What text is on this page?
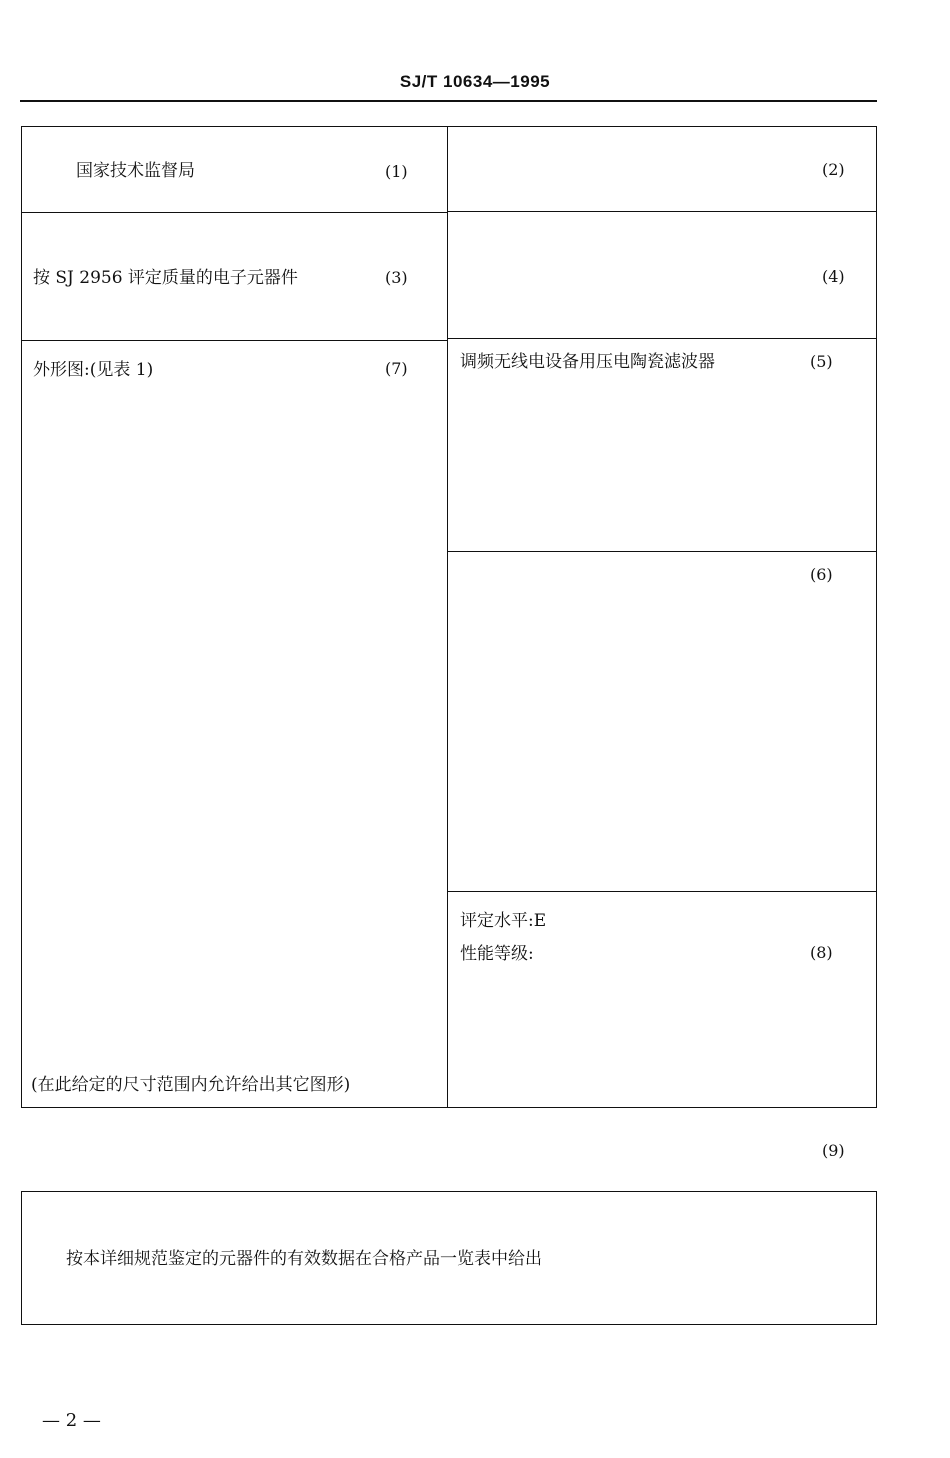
SJ/T 10634—1995
国家技术监督局	(1)	(2)
按 SJ 2956 评定质量的电子元器件	(3)	(4)
外形图:(见表 1)	(7)
(在此给定的尺寸范围内允许给出其它图形)
调频无线电设备用压电陶瓷滤波器	(5)
(6)
评定水平:E
性能等级:	(8)
(9)
按本详细规范鉴定的元器件的有效数据在合格产品一览表中给出
— 2 —
